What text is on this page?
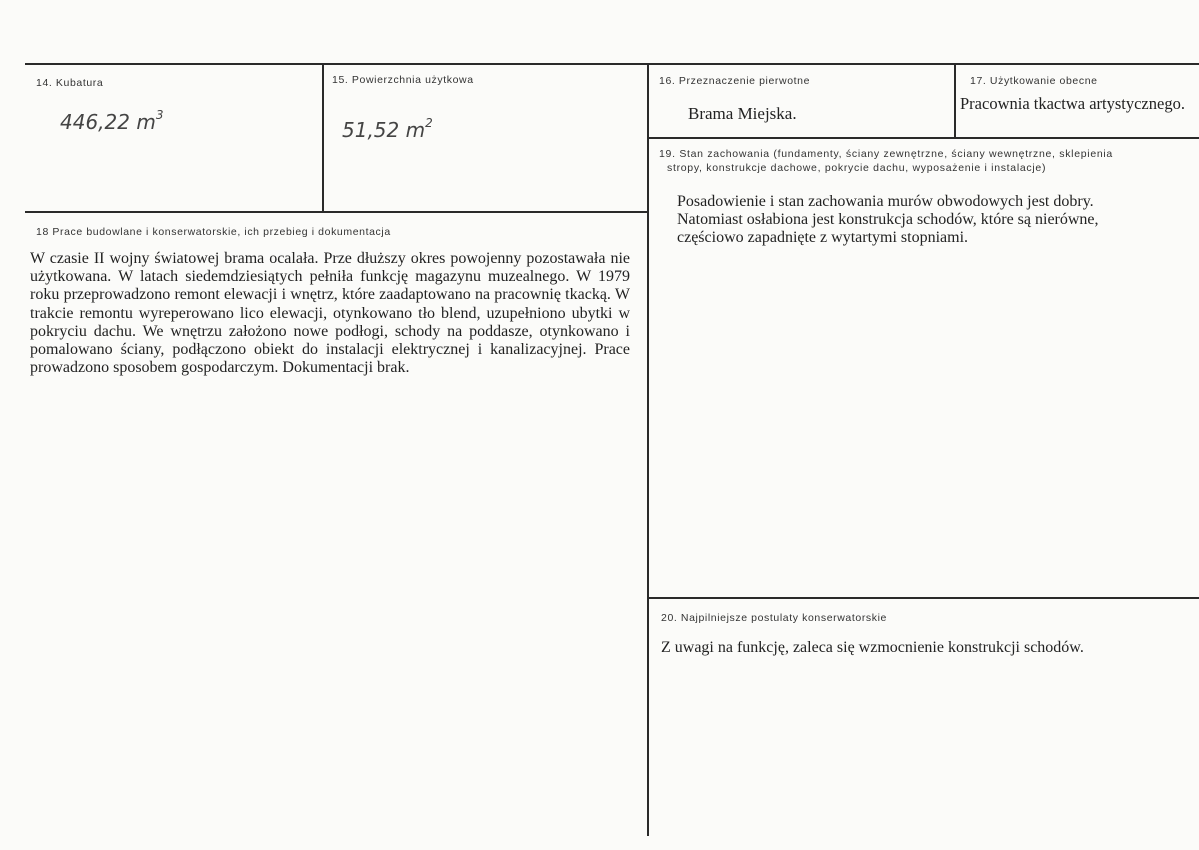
14. Kubatura
446,22 $m^3$
15. Powierzchnia użytkowa
51,52 $m^2$
16. Przeznaczenie pierwotne
Brama Miejska.
17. Użytkowanie obecne
Pracownia tkactwa artystycznego.
18 Prace budowlane i konserwatorskie, ich przebieg i dokumentacja
W czasie II wojny światowej brama ocalała. Prze dłuższy okres powojenny pozostawała nie użytkowana. W latach siedemdziesiątych pełniła funkcję magazynu muzealnego. W 1979 roku przeprowadzono remont elewacji i wnętrz, które zaadaptowano na pracownię tkacką. W trakcie remontu wyreperowano lico elewacji, otynkowano tło blend, uzupełniono ubytki w pokryciu dachu. We wnętrzu założono nowe podłogi, schody na poddasze, otynkowano i pomalowano ściany, podłączono obiekt do instalacji elektrycznej i kanalizacyjnej. Prace prowadzono sposobem gospodarczym. Dokumentacji brak.
19. Stan zachowania (fundamenty, ściany zewnętrzne, ściany wewnętrzne, sklepienia
stropy, konstrukcje dachowe, pokrycie dachu, wyposażenie i instalacje)
Posadowienie i stan zachowania murów obwodowych jest dobry. Natomiast osłabiona jest konstrukcja schodów, które są nierówne, częściowo zapadnięte z wytartymi stopniami.
20. Najpilniejsze postulaty konserwatorskie
Z uwagi na funkcję, zaleca się wzmocnienie konstrukcji schodów.
